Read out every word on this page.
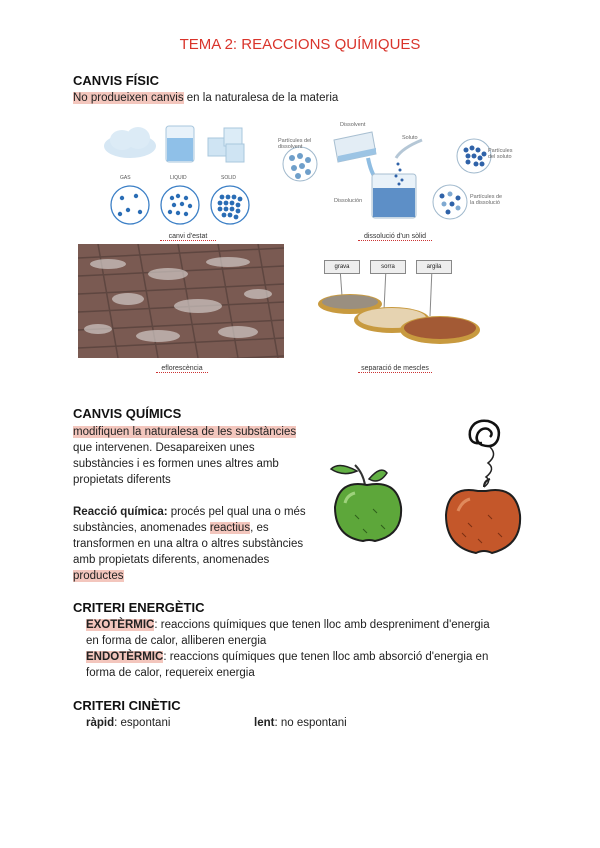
TEMA 2: REACCIONS QUÍMIQUES
CANVIS FÍSIC
No produeixen canvis en la naturalesa de la materia
GAS	LIQUID	SOLID
canvi d'estat
Partícules del dissolvent
Dissolvent
Soluto
Partícules del soluto
Dissolución
Partícules de la dissolució
dissolució d'un sòlid
eflorescència
grava	sorra	argila
separació de mescles
CANVIS QUÍMICS
modifiquen la naturalesa de les substàncies
que intervenen. Desapareixen unes
substàncies i es formen unes altres amb
propietats diferents
Reacció química: procés pel qual una o més
substàncies, anomenades reactius, es
transformen en una altra o altres substàncies
amb propietats diferents, anomenades
productes
CRITERI ENERGÈTIC
EXOTÈRMIC: reaccions químiques que tenen lloc amb despreniment d'energia
en forma de calor, alliberen energia
ENDOTÈRMIC: reaccions químiques que tenen lloc amb absorció d'energia en
forma de calor, requereix energia
CRITERI CINÈTIC
ràpid: espontani	lent: no espontani
